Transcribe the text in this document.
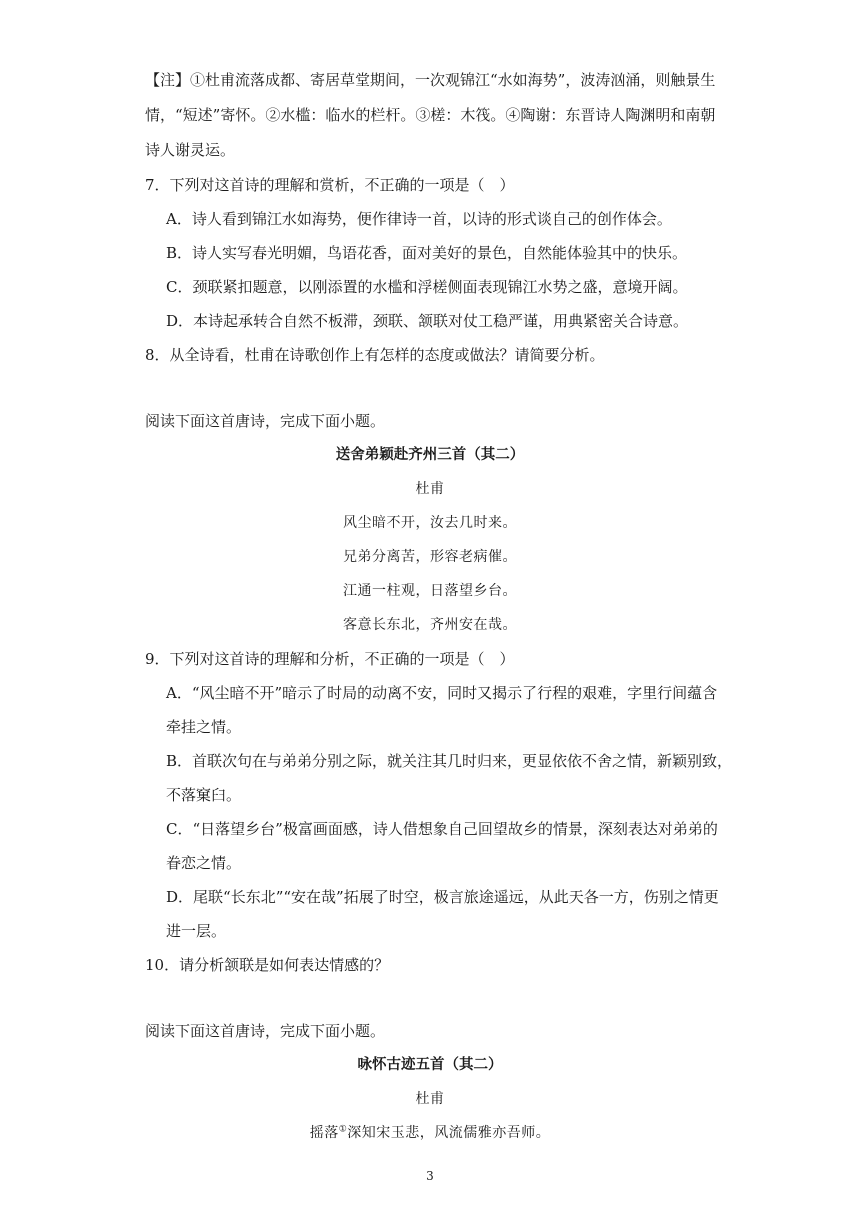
【注】①杜甫流落成都、寄居草堂期间，一次观锦江“水如海势”，波涛汹涌，则触景生
情，“短述”寄怀。②水槛：临水的栏杆。③槎：木筏。④陶谢：东晋诗人陶渊明和南朝
诗人谢灵运。
7．下列对这首诗的理解和赏析，不正确的一项是（　）
A．诗人看到锦江水如海势，便作律诗一首，以诗的形式谈自己的创作体会。
B．诗人实写春光明媚，鸟语花香，面对美好的景色，自然能体验其中的快乐。
C．颈联紧扣题意，以刚添置的水槛和浮槎侧面表现锦江水势之盛，意境开阔。
D．本诗起承转合自然不板滞，颈联、颔联对仗工稳严谨，用典紧密关合诗意。
8．从全诗看，杜甫在诗歌创作上有怎样的态度或做法？请简要分析。
阅读下面这首唐诗，完成下面小题。
送舍弟颖赴齐州三首（其二）
杜甫
风尘暗不开，汝去几时来。
兄弟分离苦，形容老病催。
江通一柱观，日落望乡台。
客意长东北，齐州安在哉。
9．下列对这首诗的理解和分析，不正确的一项是（　）
A．“风尘暗不开”暗示了时局的动离不安，同时又揭示了行程的艰难，字里行间蕴含
牵挂之情。
B．首联次句在与弟弟分别之际，就关注其几时归来，更显依依不舍之情，新颖别致，
不落窠臼。
C．“日落望乡台”极富画面感，诗人借想象自己回望故乡的情景，深刻表达对弟弟的
眷恋之情。
D．尾联“长东北”“安在哉”拓展了时空，极言旅途遥远，从此天各一方，伤别之情更
进一层。
10．请分析颔联是如何表达情感的？
阅读下面这首唐诗，完成下面小题。
咏怀古迹五首（其二）
杜甫
摇落①深知宋玉悲，风流儒雅亦吾师。
3
